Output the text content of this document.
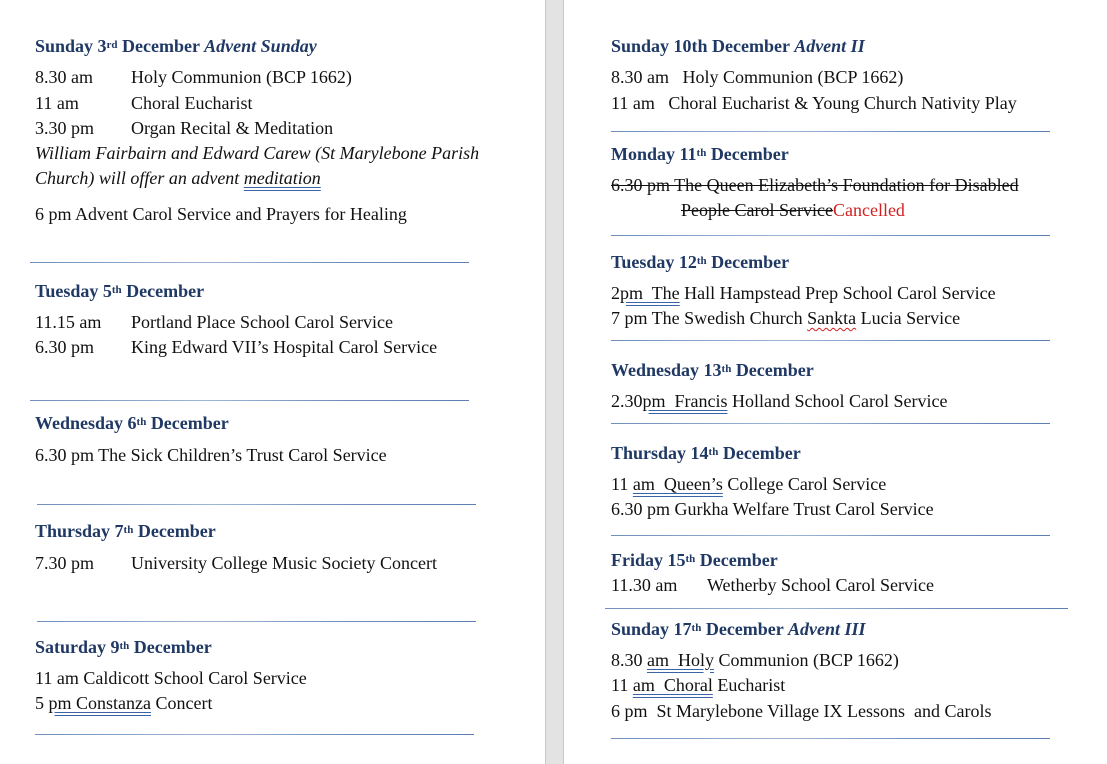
Sunday 3rd December Advent Sunday
8.30 am Holy Communion (BCP 1662)
11 am	Choral Eucharist
3.30 pm Organ Recital & Meditation
William Fairbairn and Edward Carew (St Marylebone Parish Church) will offer an advent meditation
6 pm Advent Carol Service and Prayers for Healing
Tuesday 5th December
11.15 am Portland Place School Carol Service
6.30 pm King Edward VII’s Hospital Carol Service
Wednesday 6th December
6.30 pm The Sick Children’s Trust Carol Service
Thursday 7th December
7.30 pm University College Music Society Concert
Saturday 9th December
11 am Caldicott School Carol Service
5 pm Constanza Concert
Sunday 10th December Advent II
8.30 am   Holy Communion (BCP 1662)
11 am   Choral Eucharist & Young Church Nativity Play
Monday 11th December
6.30 pm The Queen Elizabeth’s Foundation for Disabled
People Carol ServiceCancelled
Tuesday 12th December
2pm  The Hall Hampstead Prep School Carol Service
7 pm The Swedish Church Sankta Lucia Service
Wednesday 13th December
2.30pm  Francis Holland School Carol Service
Thursday 14th December
11 am  Queen’s College Carol Service
6.30 pm Gurkha Welfare Trust Carol Service
Friday 15th December
11.30 am Wetherby School Carol Service
Sunday 17th December Advent III
8.30 am  Holy Communion (BCP 1662)
11 am  Choral Eucharist
6 pm  St Marylebone Village IX Lessons  and Carols
